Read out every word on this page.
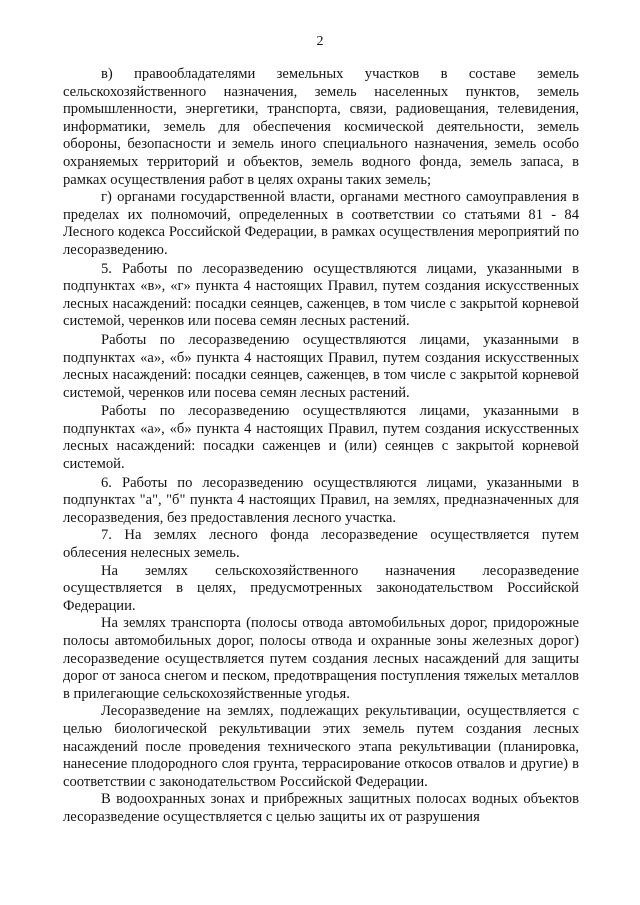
2

в) правообладателями земельных участков в составе земель сельскохозяйственного назначения, земель населенных пунктов, земель промышленности, энергетики, транспорта, связи, радиовещания, телевидения, информатики, земель для обеспечения космической деятельности, земель обороны, безопасности и земель иного специального назначения, земель особо охраняемых территорий и объектов, земель водного фонда, земель запаса, в рамках осуществления работ в целях охраны таких земель;

г) органами государственной власти, органами местного самоуправления в пределах их полномочий, определенных в соответствии со статьями 81 - 84 Лесного кодекса Российской Федерации, в рамках осуществления мероприятий по лесоразведению.

5. Работы по лесоразведению осуществляются лицами, указанными в подпунктах «в», «г» пункта 4 настоящих Правил, путем создания искусственных лесных насаждений: посадки сеянцев, саженцев, в том числе с закрытой корневой системой, черенков или посева семян лесных растений.

Работы по лесоразведению осуществляются лицами, указанными в подпунктах «а», «б» пункта 4 настоящих Правил, путем создания искусственных лесных насаждений: посадки сеянцев, саженцев, в том числе с закрытой корневой системой, черенков или посева семян лесных растений.

Работы по лесоразведению осуществляются лицами, указанными в подпунктах «а», «б» пункта 4 настоящих Правил, путем создания искусственных лесных насаждений: посадки саженцев и (или) сеянцев с закрытой корневой системой.

6. Работы по лесоразведению осуществляются лицами, указанными в подпунктах "а", "б" пункта 4 настоящих Правил, на землях, предназначенных для лесоразведения, без предоставления лесного участка.

7. На землях лесного фонда лесоразведение осуществляется путем облесения нелесных земель.

На землях сельскохозяйственного назначения лесоразведение осуществляется в целях, предусмотренных законодательством Российской Федерации.

На землях транспорта (полосы отвода автомобильных дорог, придорожные полосы автомобильных дорог, полосы отвода и охранные зоны железных дорог) лесоразведение осуществляется путем создания лесных насаждений для защиты дорог от заноса снегом и песком, предотвращения поступления тяжелых металлов в прилегающие сельскохозяйственные угодья.

Лесоразведение на землях, подлежащих рекультивации, осуществляется с целью биологической рекультивации этих земель путем создания лесных насаждений после проведения технического этапа рекультивации (планировка, нанесение плодородного слоя грунта, террасирование откосов отвалов и другие) в соответствии с законодательством Российской Федерации.

В водоохранных зонах и прибрежных защитных полосах водных объектов лесоразведение осуществляется с целью защиты их от разрушения
